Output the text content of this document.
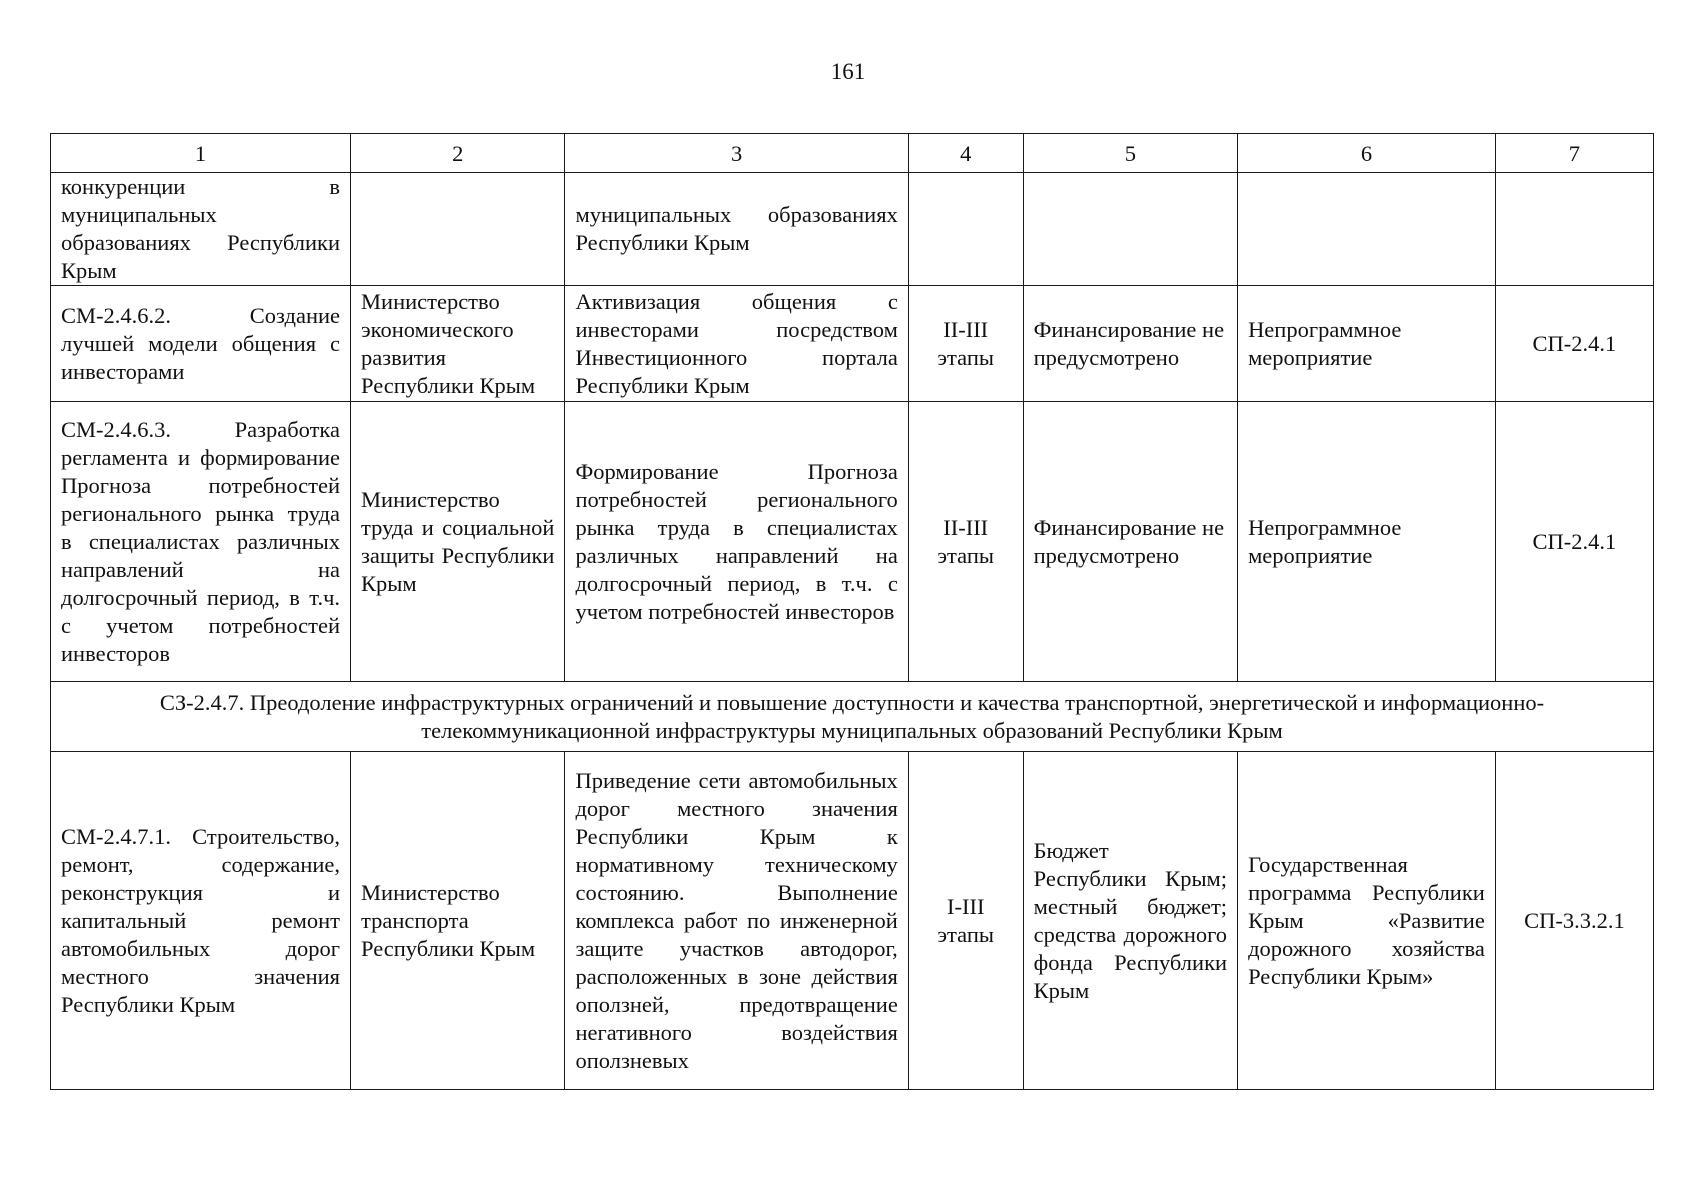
161
1	2	3	4	5	6	7
конкуренции в муниципальных образованиях Республики Крым		муниципальных образованиях Республики Крым				
СМ-2.4.6.2. Создание лучшей модели общения с инвесторами	Министерство экономического развития Республики Крым	Активизация общения с инвесторами посредством Инвестиционного портала Республики Крым	II-III этапы	Финансирование не предусмотрено	Непрограммное мероприятие	СП-2.4.1
СМ-2.4.6.3. Разработка регламента и формирование Прогноза потребностей регионального рынка труда в специалистах различных направлений на долгосрочный период, в т.ч. с учетом потребностей инвесторов	Министерство труда и социальной защиты Республики Крым	Формирование Прогноза потребностей регионального рынка труда в специалистах различных направлений на долгосрочный период, в т.ч. с учетом потребностей инвесторов	II-III этапы	Финансирование не предусмотрено	Непрограммное мероприятие	СП-2.4.1
СЗ-2.4.7. Преодоление инфраструктурных ограничений и повышение доступности и качества транспортной, энергетической и информационно-телекоммуникационной инфраструктуры муниципальных образований Республики Крым						
СМ-2.4.7.1. Строительство, ремонт, содержание, реконструкция и капитальный ремонт автомобильных дорог местного значения Республики Крым	Министерство транспорта Республики Крым	Приведение сети автомобильных дорог местного значения Республики Крым к нормативному техническому состоянию. Выполнение комплекса работ по инженерной защите участков автодорог, расположенных в зоне действия оползней, предотвращение негативного воздействия оползневых	I-III этапы	Бюджет Республики Крым; местный бюджет; средства дорожного фонда Республики Крым	Государственная программа Республики Крым «Развитие дорожного хозяйства Республики Крым»	СП-3.3.2.1
